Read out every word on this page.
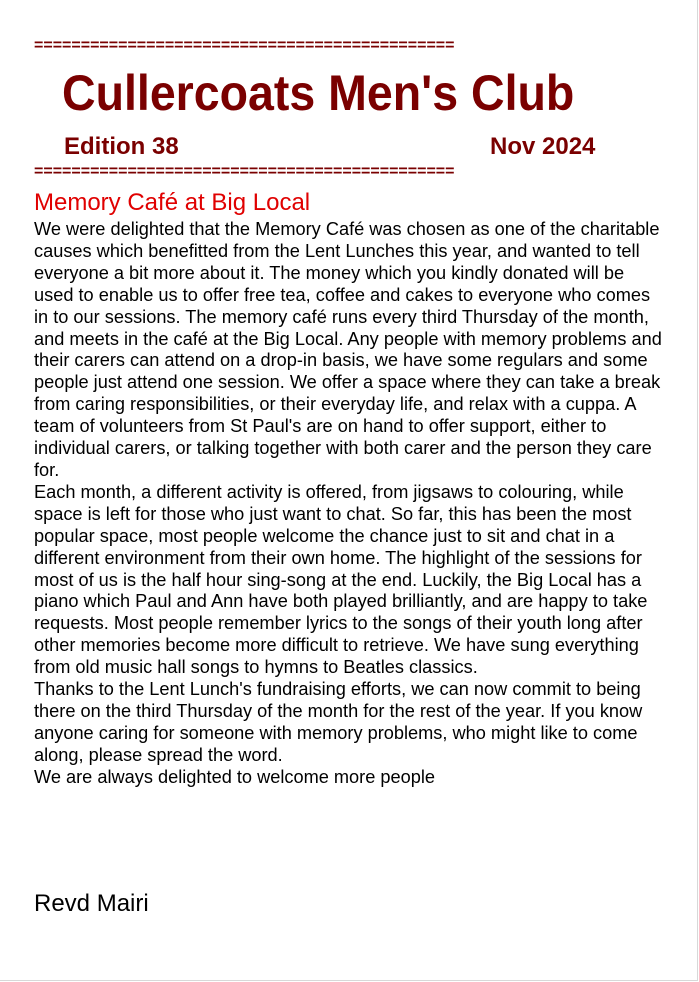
=============================================
Cullercoats Men's Club
Edition 38	Nov 2024
=============================================
Memory Café at Big Local

We were delighted that the Memory Café was chosen as one of the charitable causes which benefitted from the Lent Lunches this year, and wanted to tell everyone a bit more about it. The money which you kindly donated will be used to enable us to offer free tea, coffee and cakes to everyone who comes in to our sessions. The memory café runs every third Thursday of the month, and meets in the café at the Big Local. Any people with memory problems and their carers can attend on a drop-in basis, we have some regulars and some people just attend one session. We offer a space where they can take a break from caring responsibilities, or their everyday life, and relax with a cuppa. A team of volunteers from St Paul's are on hand to offer support, either to individual carers, or talking together with both carer and the person they care for.

Each month, a different activity is offered, from jigsaws to colouring, while space is left for those who just want to chat. So far, this has been the most popular space, most people welcome the chance just to sit and chat in a different environment from their own home. The highlight of the sessions for most of us is the half hour sing-song at the end. Luckily, the Big Local has a piano which Paul and Ann have both played brilliantly, and are happy to take requests. Most people remember lyrics to the songs of their youth long after other memories become more difficult to retrieve. We have sung everything from old music hall songs to hymns to Beatles classics.

Thanks to the Lent Lunch's fundraising efforts, we can now commit to being there on the third Thursday of the month for the rest of the year. If you know anyone caring for someone with memory problems, who might like to come along, please spread the word.

We are always delighted to welcome more people

Revd Mairi
